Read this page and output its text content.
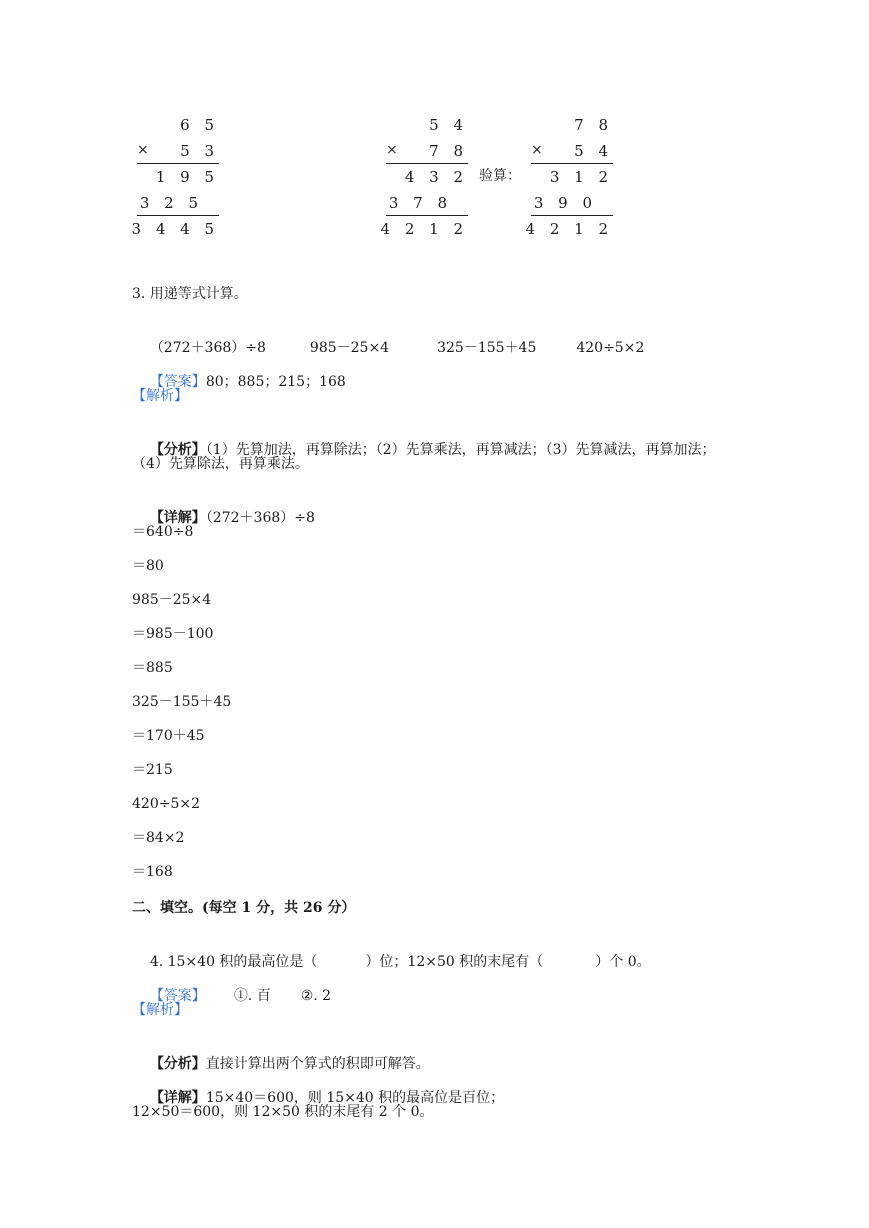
6 5
× 5 3
1 9 5
3 2 5
3 4 4 5
5 4
× 7 8
4 3 2
3 7 8
4 2 1 2
验算：
7 8
× 5 4
3 1 2
3 9 0
4 2 1 2
3. 用递等式计算。

（272＋368）÷8	985－25×4	325－155＋45	420÷5×2

【答案】80；885；215；168

【解析】

【分析】（1）先算加法，再算除法；（2）先算乘法，再算减法；（3）先算减法，再算加法；

（4）先算除法，再算乘法。

【详解】（272＋368）÷8

＝640÷8
＝80
985－25×4
＝985－100
＝885
325－155＋45
＝170＋45
＝215
420÷5×2
＝84×2
＝168
二、填空。(每空 1 分，共 26 分）

4. 15×40 积的最高位是（	）位；12×50 积的末尾有（	）个 0。

【答案】 ①. 百 ②. 2

【解析】

【分析】直接计算出两个算式的积即可解答。

【详解】15×40＝600，则 15×40 积的最高位是百位；

12×50＝600，则 12×50 积的末尾有 2 个 0。
